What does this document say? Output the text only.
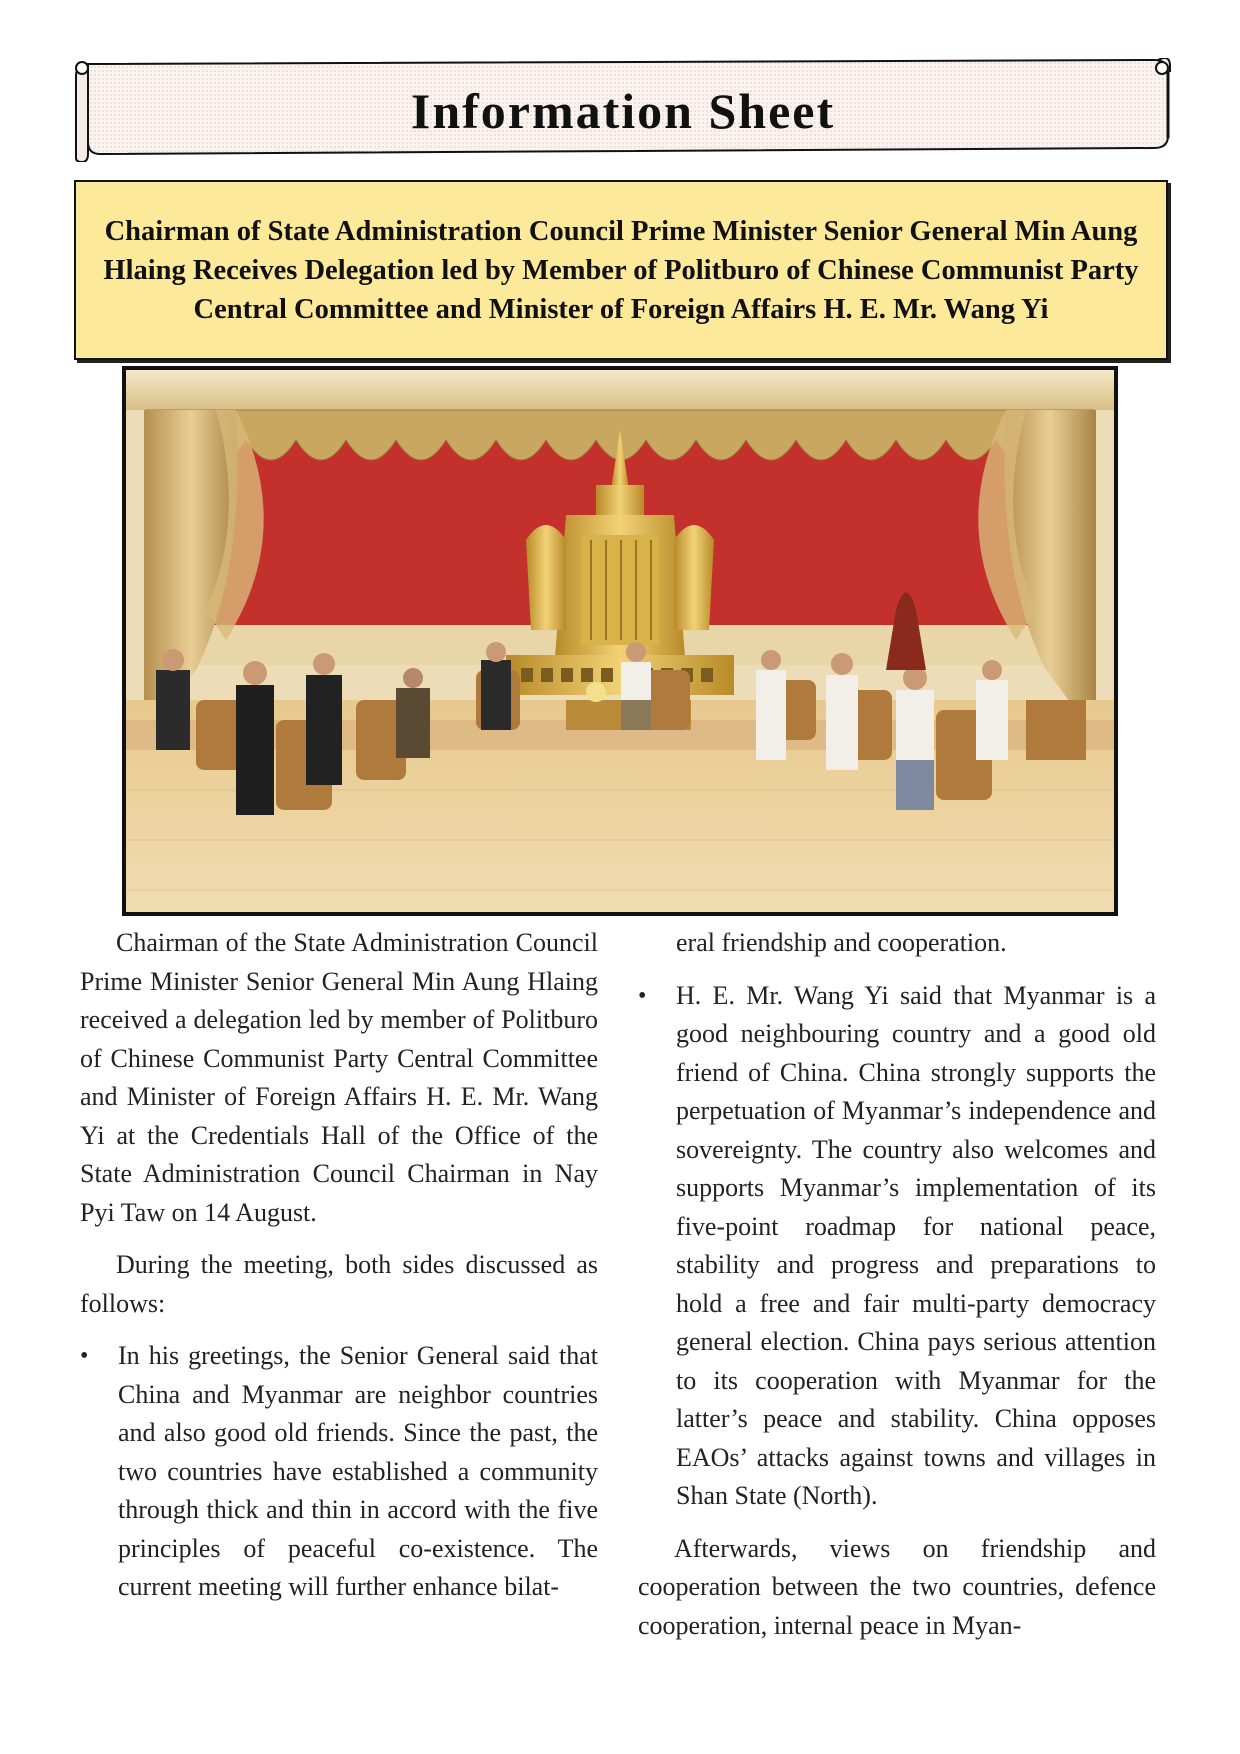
Information Sheet
Chairman of State Administration Council Prime Minister Senior General Min Aung Hlaing Receives Delegation led by Member of Politburo of Chinese Communist Party Central Committee and Minister of Foreign Affairs H. E. Mr. Wang Yi

Chairman of the State Administration Council Prime Minister Senior General Min Aung Hlaing received a delegation led by member of Politburo of Chinese Communist Party Central Committee and Minister of Foreign Affairs H. E. Mr. Wang Yi at the Credentials Hall of the Office of the State Administration Council Chairman in Nay Pyi Taw on 14 August.

During the meeting, both sides discussed as follows:

• In his greetings, the Senior General said that China and Myanmar are neighbor countries and also good old friends. Since the past, the two countries have established a community through thick and thin in accord with the five principles of peaceful co-existence. The current meeting will further enhance bilat-

eral friendship and cooperation.

• H. E. Mr. Wang Yi said that Myanmar is a good neighbouring country and a good old friend of China. China strongly supports the perpetuation of Myanmar’s independence and sovereignty. The country also welcomes and supports Myanmar’s implementation of its five-point roadmap for national peace, stability and progress and preparations to hold a free and fair multi-party democracy general election. China pays serious attention to its cooperation with Myanmar for the latter’s peace and stability. China opposes EAOs’ attacks against towns and villages in Shan State (North).

Afterwards, views on friendship and cooperation between the two countries, defence cooperation, internal peace in Myan-
